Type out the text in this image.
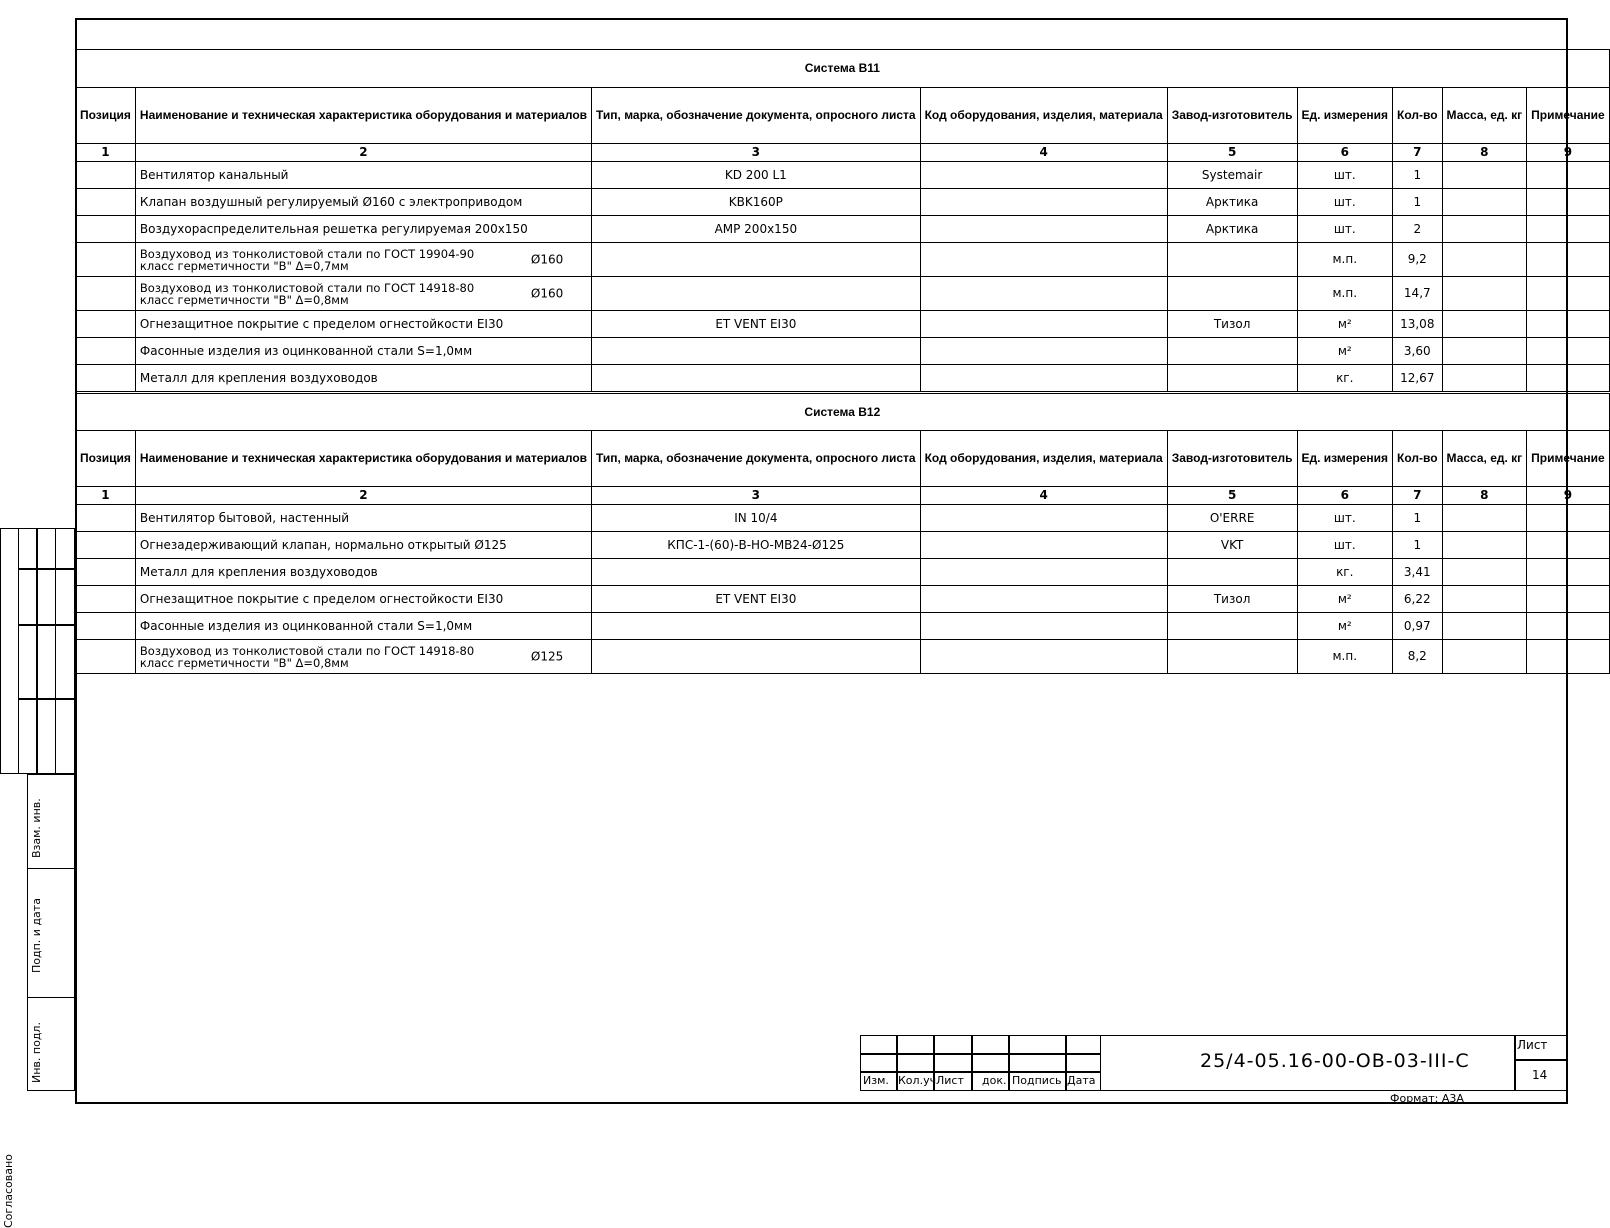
Система В11								
Позиция	Наименование и техническая характеристика оборудования и материалов	Тип, марка, обозначение документа, опросного листа	Код оборудования, изделия, материала	Завод-изготовитель	Ед. измерения	Кол-во	Масса, ед. кг	Примечание
1	2	3	4	5	6	7	8	9
	Вентилятор канальный	KD 200 L1		Systemair	шт.	1		
	Клапан воздушный регулируемый Ø160 с электроприводом	KBK160P		Арктика	шт.	1		
	Воздухораспределительная решетка регулируемая 200х150	AMP 200x150		Арктика	шт.	2		

	Воздуховод из тонколистовой стали по ГОСТ 19904-90 класс герметичности "В" Δ=0,7мм Ø160				м.п.	9,2		

	Воздуховод из тонколистовой стали по ГОСТ 14918-80 класс герметичности "В" Δ=0,8мм Ø160				м.п.	14,7		
	Огнезащитное покрытие с пределом огнестойкости EI30	ET VENT EI30		Тизол	м²	13,08		
	Фасонные изделия из оцинкованной стали S=1,0мм				м²	3,60		
	Металл для крепления воздуховодов				кг.	12,67		
Система В12								
Позиция	Наименование и техническая характеристика оборудования и материалов	Тип, марка, обозначение документа, опросного листа	Код оборудования, изделия, материала	Завод-изготовитель	Ед. измерения	Кол-во	Масса, ед. кг	Примечание
1	2	3	4	5	6	7	8	9
	Вентилятор бытовой, настенный	IN 10/4		O'ERRE	шт.	1		
	Огнезадерживающий клапан, нормально открытый Ø125	КПС-1-(60)-В-НО-МВ24-Ø125		VKT	шт.	1		
	Металл для крепления воздуховодов				кг.	3,41		
	Огнезащитное покрытие с пределом огнестойкости EI30	ET VENT EI30		Тизол	м²	6,22		
	Фасонные изделия из оцинкованной стали S=1,0мм				м²	0,97		

	Воздуховод из тонколистовой стали по ГОСТ 14918-80 класс герметичности "В" Δ=0,8мм Ø125				м.п.	8,2		
Согласовано
Взам. инв.
Подп. и дата
Инв. подл.	Изм. Кол.уч Лист док. Подпись Дата
Лист
14
25/4-05.16-00-ОВ-03-III-С
Формат: А3А
